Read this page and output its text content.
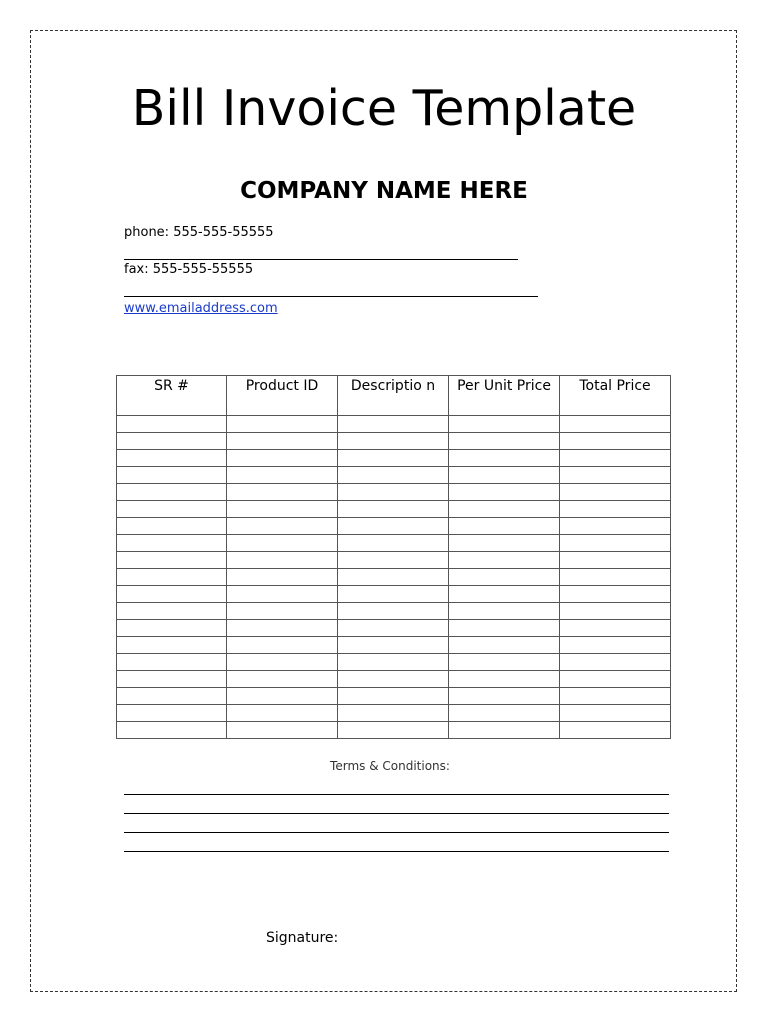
Bill Invoice Template
COMPANY NAME HERE
phone: 555-555-55555
fax: 555-555-55555
www.emailaddress.com
SR #	Product ID	Descriptio n	Per Unit Price	Total Price

Terms & Conditions:
Signature:
